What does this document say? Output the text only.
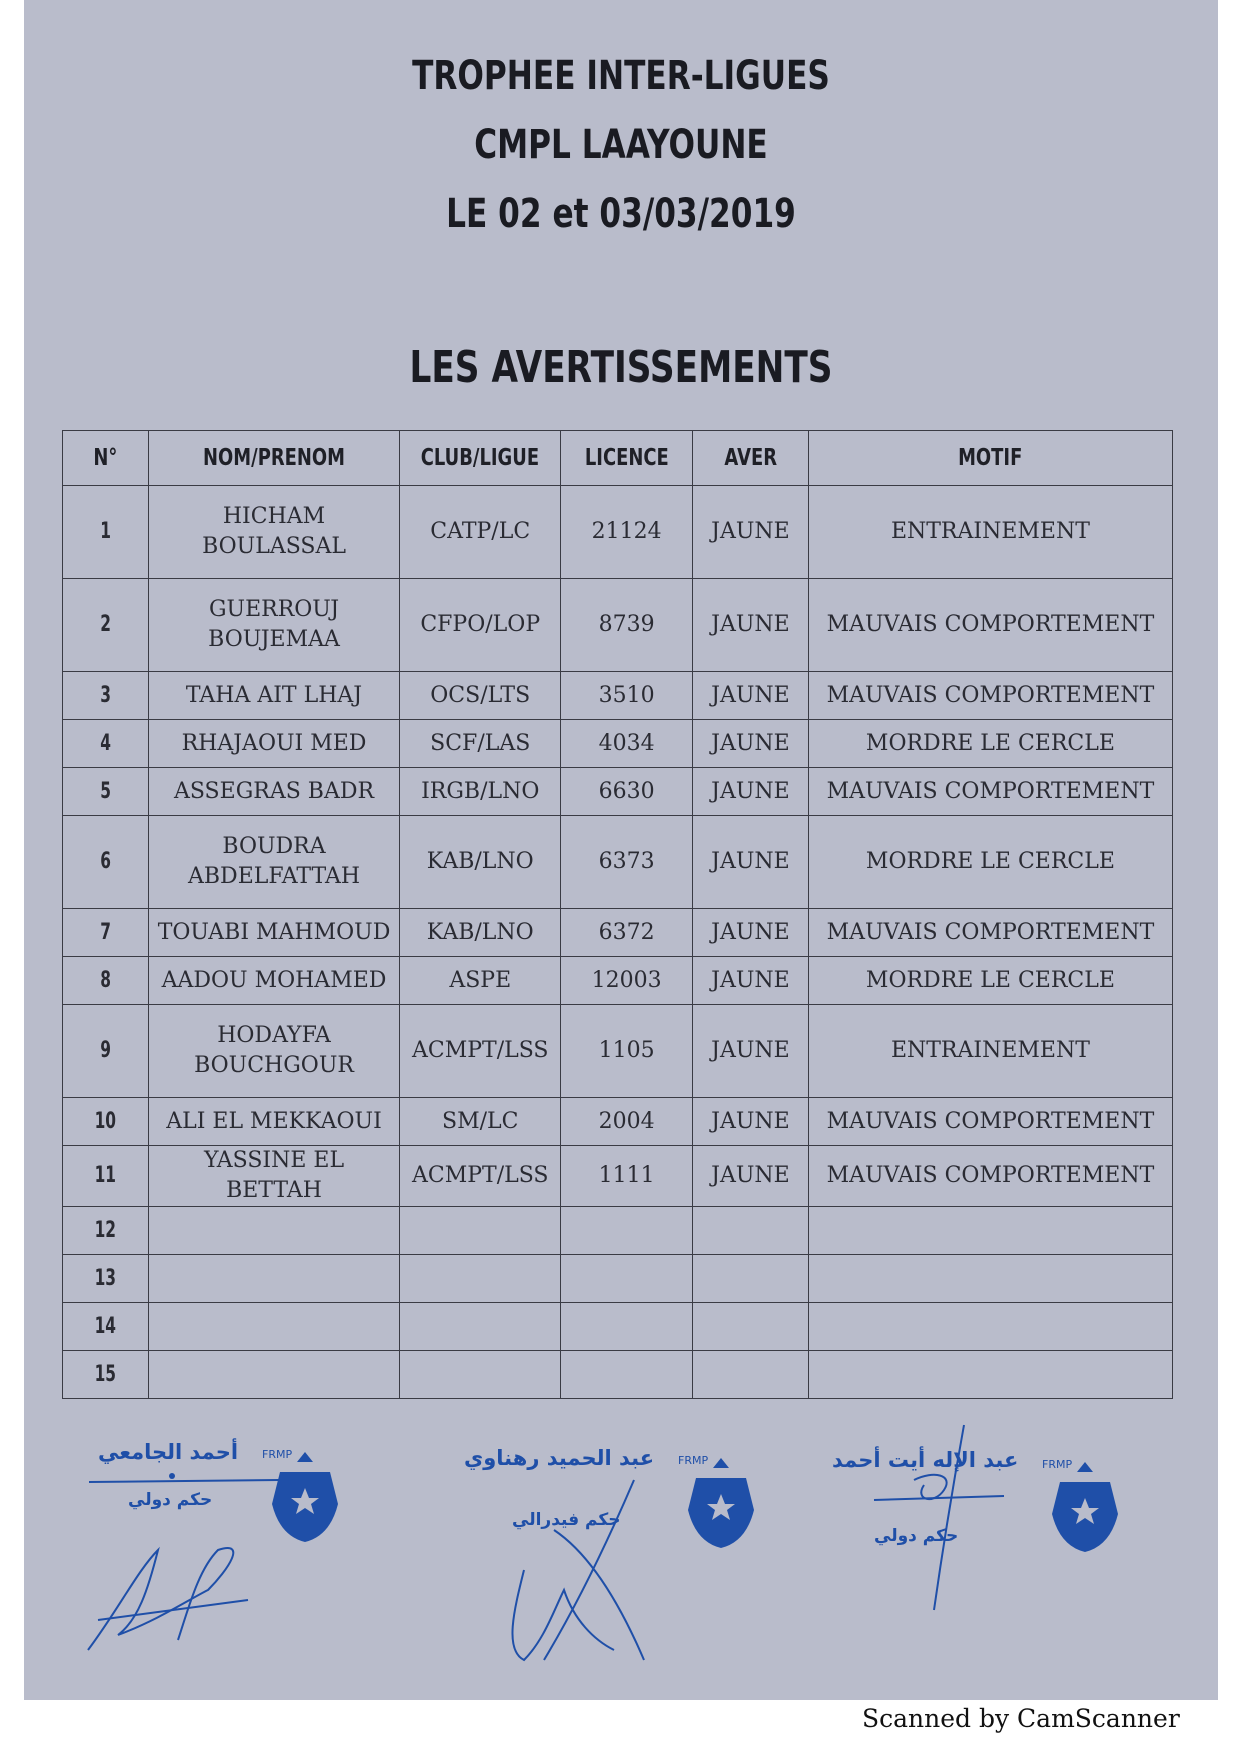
TROPHEE INTER-LIGUES
CMPL LAAYOUNE
LE 02 et 03/03/2019
LES AVERTISSEMENTS
N°	NOM/PRENOM	CLUB/LIGUE	LICENCE	AVER	MOTIF
1	HICHAM BOULASSAL	CATP/LC	21124	JAUNE	ENTRAINEMENT
2	GUERROUJ BOUJEMAA	CFPO/LOP	8739	JAUNE	MAUVAIS COMPORTEMENT
3	TAHA AIT LHAJ	OCS/LTS	3510	JAUNE	MAUVAIS COMPORTEMENT
4	RHAJAOUI MED	SCF/LAS	4034	JAUNE	MORDRE LE CERCLE
5	ASSEGRAS BADR	IRGB/LNO	6630	JAUNE	MAUVAIS COMPORTEMENT
6	BOUDRA ABDELFATTAH	KAB/LNO	6373	JAUNE	MORDRE LE CERCLE
7	TOUABI MAHMOUD	KAB/LNO	6372	JAUNE	MAUVAIS COMPORTEMENT
8	AADOU MOHAMED	ASPE	12003	JAUNE	MORDRE LE CERCLE
9	HODAYFA BOUCHGOUR	ACMPT/LSS	1105	JAUNE	ENTRAINEMENT
10	ALI EL MEKKAOUI	SM/LC	2004	JAUNE	MAUVAIS COMPORTEMENT
11	YASSINE EL BETTAH	ACMPT/LSS	1111	JAUNE	MAUVAIS COMPORTEMENT
12					
13					
14					
15					
أحمد الجامعي
حكم دولي
FRMP	عبد الحميد رهناوي
حكم فيدرالي
FRMP	عبد الإله أيت أحمد
حكم دولي
FRMP
Scanned by CamScanner
